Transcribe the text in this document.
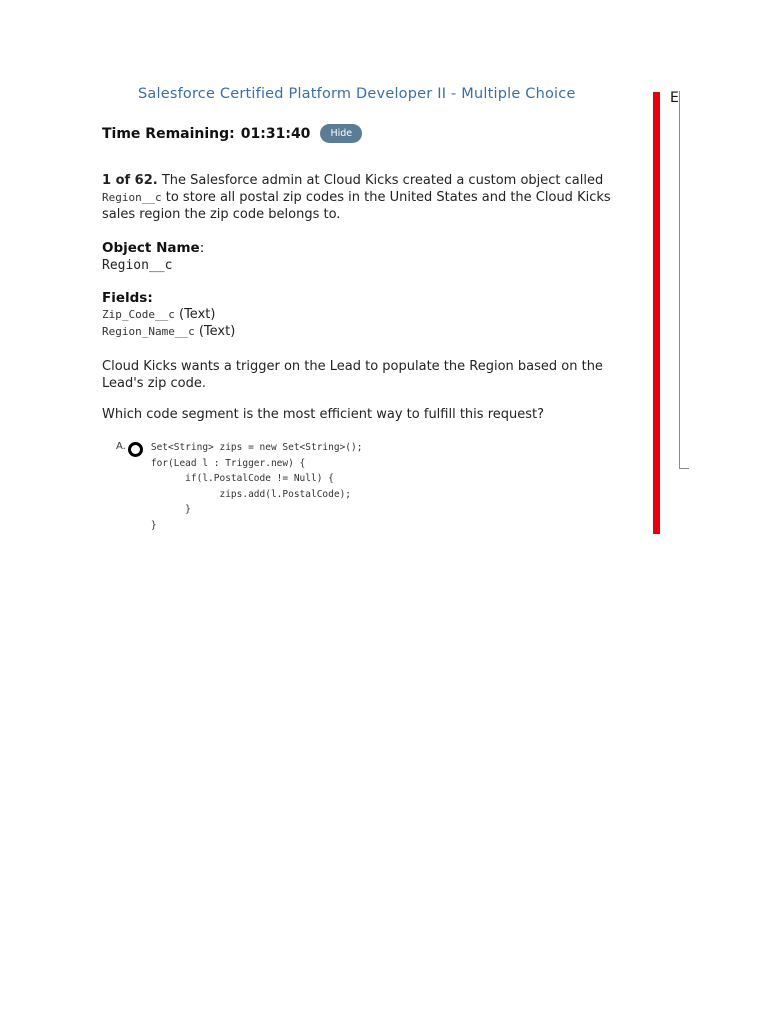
Salesforce Certified Platform Developer II - Multiple Choice
Time Remaining: 01:31:40	Hide
1 of 62. The Salesforce admin at Cloud Kicks created a custom object called Region__c to store all postal zip codes in the United States and the Cloud Kicks sales region the zip code belongs to.
Object Name:
Region__c
Fields:
Zip_Code__c (Text)
Region_Name__c (Text)
Cloud Kicks wants a trigger on the Lead to populate the Region based on the Lead's zip code.
Which code segment is the most efficient way to fulfill this request?
A.	Set<String> zips = new Set<String>();
for(Lead l : Trigger.new) {
if(l.PostalCode != Null) {
zips.add(l.PostalCode);
}
}
E
